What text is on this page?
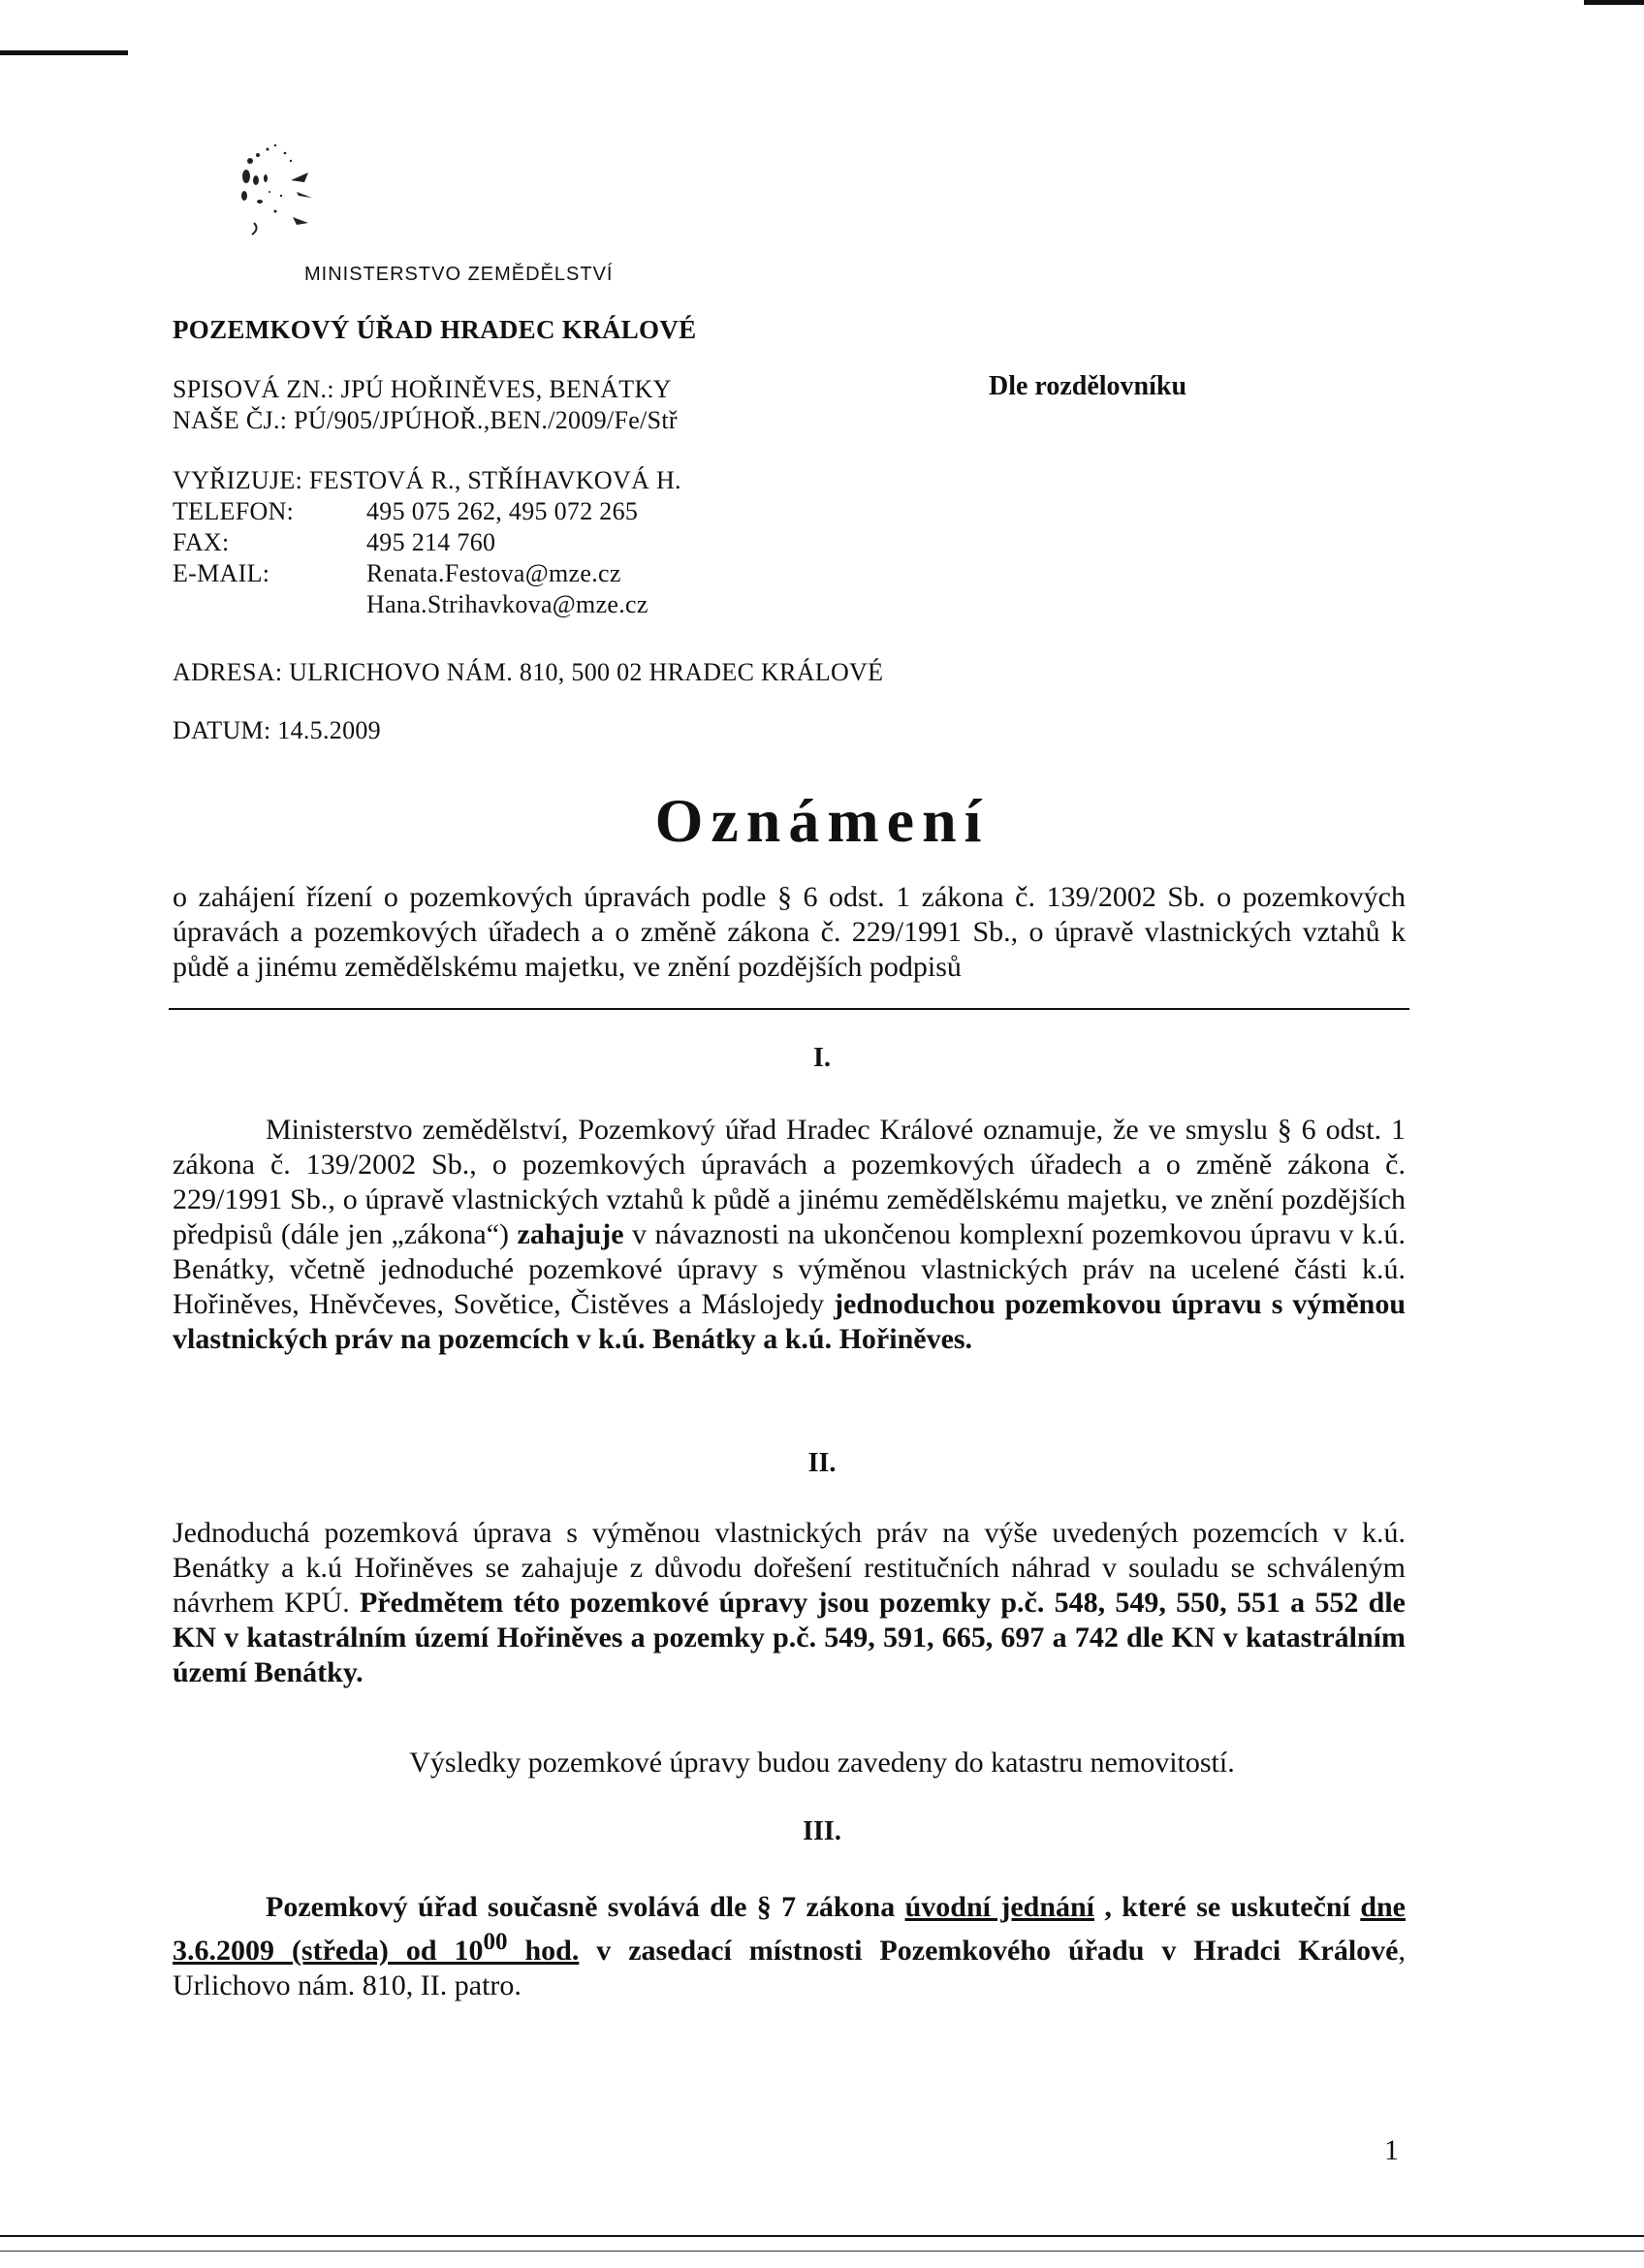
MINISTERSTVO ZEMĚDĚLSTVÍ
POZEMKOVÝ ÚŘAD HRADEC KRÁLOVÉ
SPISOVÁ ZN.: JPÚ HOŘINĚVES, BENÁTKY
NAŠE ČJ.: PÚ/905/JPÚHOŘ.,BEN./2009/Fe/Stř
Dle rozdělovníku
VYŘIZUJE: FESTOVÁ R., STŘÍHAVKOVÁ H.
TELEFON:	495 075 262, 495 072 265
FAX:	495 214 760
E-MAIL:	Renata.Festova@mze.cz
Hana.Strihavkova@mze.cz
ADRESA: ULRICHOVO NÁM. 810, 500 02 HRADEC KRÁLOVÉ
DATUM: 14.5.2009
Oznámení
o zahájení řízení o pozemkových úpravách podle § 6 odst. 1 zákona č. 139/2002 Sb. o pozemkových úpravách a pozemkových úřadech a o změně zákona č. 229/1991 Sb., o úpravě vlastnických vztahů k půdě a jinému zemědělskému majetku, ve znění pozdějších podpisů
I.
Ministerstvo zemědělství, Pozemkový úřad Hradec Králové oznamuje, že ve smyslu § 6 odst. 1 zákona č. 139/2002 Sb., o pozemkových úpravách a pozemkových úřadech a o změně zákona č. 229/1991 Sb., o úpravě vlastnických vztahů k půdě a jinému zemědělskému majetku, ve znění pozdějších předpisů (dále jen „zákona“) zahajuje v návaznosti na ukončenou komplexní pozemkovou úpravu v k.ú. Benátky, včetně jednoduché pozemkové úpravy s výměnou vlastnických práv na ucelené části k.ú. Hořiněves, Hněvčeves, Sovětice, Čistěves a Máslojedy jednoduchou pozemkovou úpravu s výměnou vlastnických práv na pozemcích v k.ú. Benátky a k.ú. Hořiněves.
II.
Jednoduchá pozemková úprava s výměnou vlastnických práv na výše uvedených pozemcích v k.ú. Benátky a k.ú Hořiněves se zahajuje z důvodu dořešení restitučních náhrad v souladu se schváleným návrhem KPÚ. Předmětem této pozemkové úpravy jsou pozemky p.č. 548, 549, 550, 551 a 552 dle KN v katastrálním území Hořiněves a pozemky p.č. 549, 591, 665, 697 a 742 dle KN v katastrálním území Benátky.
Výsledky pozemkové úpravy budou zavedeny do katastru nemovitostí.
III.
Pozemkový úřad současně svolává dle § 7 zákona úvodní jednání , které se uskuteční dne 3.6.2009 (středa) od $10^{00}$ hod. v zasedací místnosti Pozemkového úřadu v Hradci Králové, Urlichovo nám. 810, II. patro.
1
